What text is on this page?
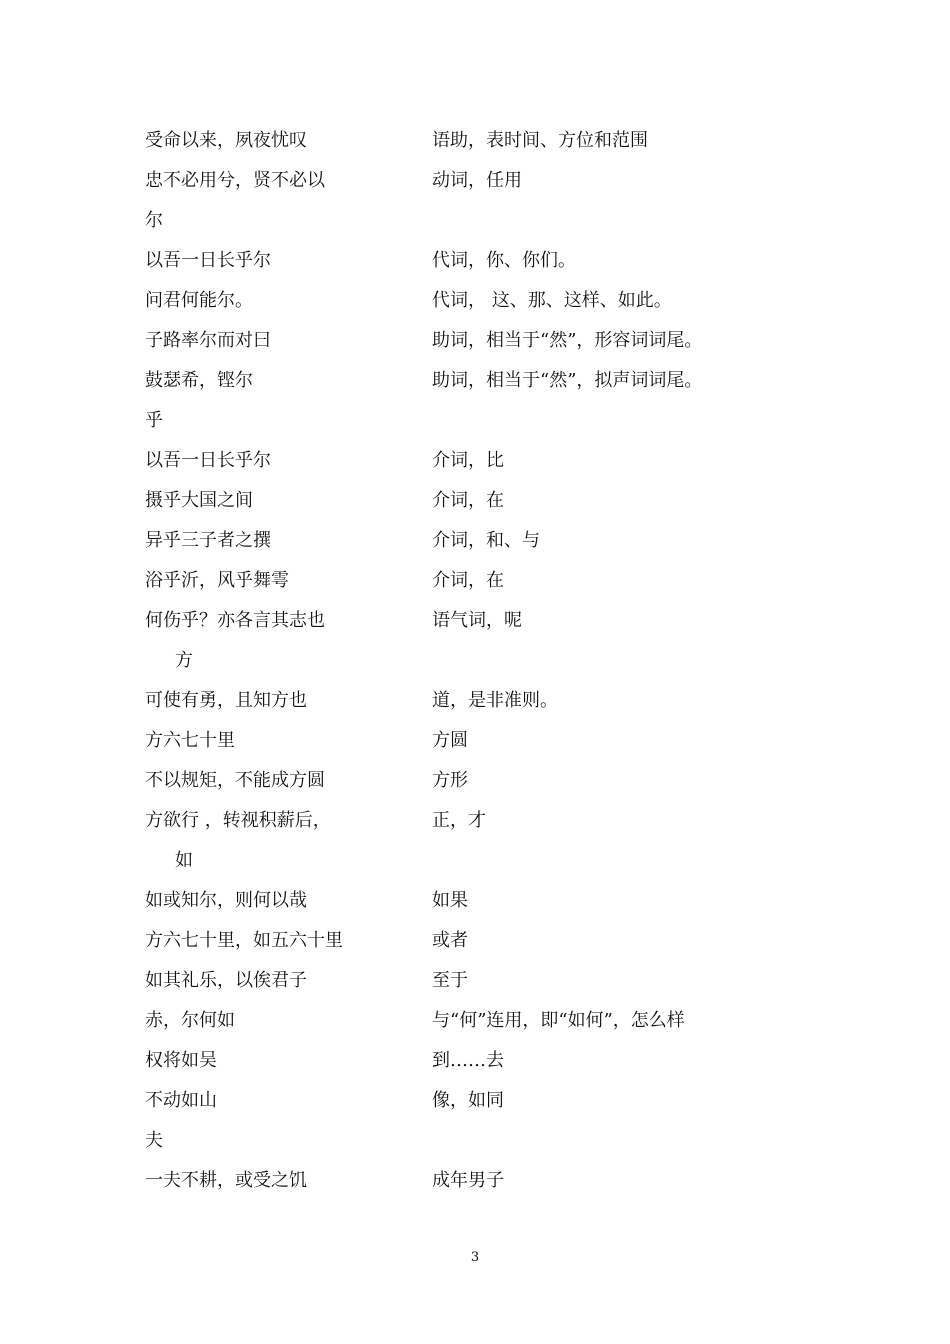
受命以来，夙夜忧叹	语助，表时间、方位和范围
忠不必用兮，贤不必以	动词，任用
尔
以吾一日长乎尔	代词，你、你们。
问君何能尔。	代词， 这、那、这样、如此。
子路率尔而对曰	助词，相当于“然”，形容词词尾。
鼓瑟希，铿尔	助词，相当于“然”，拟声词词尾。
乎
以吾一日长乎尔	介词，比
摄乎大国之间	介词，在
异乎三子者之撰	介词，和、与
浴乎沂，风乎舞雩	介词，在
何伤乎？亦各言其志也	语气词，呢
方
可使有勇，且知方也	道，是非准则。
方六七十里	方圆
不以规矩，不能成方圆	方形
方欲行 ，转视积薪后，	正，才
如
如或知尔，则何以哉	如果
方六七十里，如五六十里	或者
如其礼乐，以俟君子	至于
赤，尔何如	与“何”连用，即“如何”，怎么样
权将如吴	到……去
不动如山	像，如同
夫
一夫不耕，或受之饥	成年男子
3
